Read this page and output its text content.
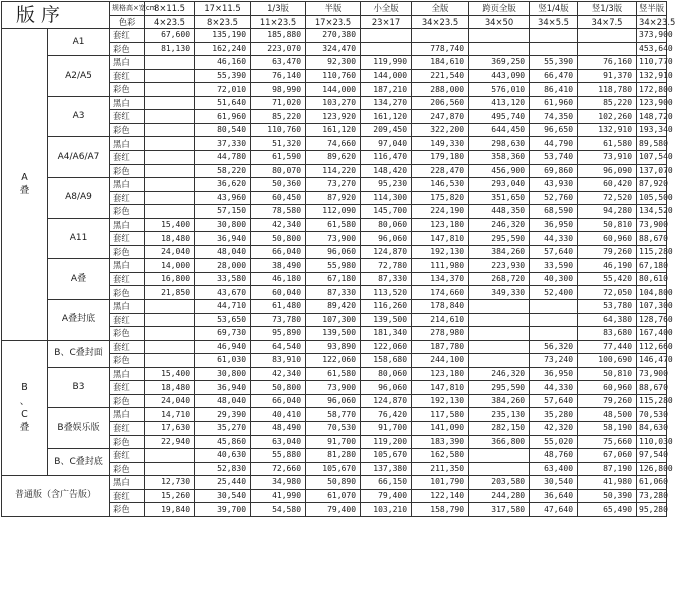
版序		规格高×宽cm	8×11.5	17×11.5	1/3版	半版	小全版	全版	跨页全版	竖1/4版	竖1/3版	竖半版
		色彩	4×23.5	8×23.5	11×23.5	17×23.5	23×17	34×23.5	34×50	34×5.5	34×7.5	34×23.5

A
叠	A1	套红	67,600	135,190	185,880	270,380						373,900
		彩色	81,130	162,240	223,070	324,470		778,740				453,640
	A2/A5	黑白		46,160	63,470	92,300	119,990	184,610	369,250	55,390	76,160	110,770
		套红		55,390	76,140	110,760	144,000	221,540	443,090	66,470	91,370	132,910
		彩色		72,010	98,990	144,000	187,210	288,000	576,010	86,410	118,780	172,800
	A3	黑白		51,640	71,020	103,270	134,270	206,560	413,120	61,960	85,220	123,900
		套红		61,960	85,220	123,920	161,120	247,870	495,740	74,350	102,260	148,720
		彩色		80,540	110,760	161,120	209,450	322,200	644,450	96,650	132,910	193,340
	A4/A6/A7	黑白		37,330	51,320	74,660	97,040	149,330	298,630	44,790	61,580	89,580
		套红		44,780	61,590	89,620	116,470	179,180	358,360	53,740	73,910	107,540
		彩色		58,220	80,070	114,220	148,420	228,470	456,900	69,860	96,090	137,070
	A8/A9	黑白		36,620	50,360	73,270	95,230	146,530	293,040	43,930	60,420	87,920
		套红		43,960	60,450	87,920	114,300	175,820	351,650	52,760	72,520	105,500
		彩色		57,150	78,580	112,090	145,700	224,190	448,350	68,590	94,280	134,520
	A11	黑白	15,400	30,800	42,340	61,580	80,060	123,180	246,320	36,950	50,810	73,900
		套红	18,480	36,940	50,800	73,900	96,060	147,810	295,590	44,330	60,960	88,670
		彩色	24,040	48,040	66,040	96,060	124,870	192,130	384,260	57,640	79,260	115,280
	A叠	黑白	14,000	28,000	38,490	55,980	72,780	111,980	223,930	33,590	46,190	67,180
		套红	16,800	33,580	46,180	67,180	87,330	134,370	268,720	40,300	55,420	80,610
		彩色	21,850	43,670	60,040	87,330	113,520	174,660	349,330	52,400	72,050	104,800
	A叠封底	黑白		44,710	61,480	89,420	116,260	178,840			53,780	107,300
		套红		53,650	73,780	107,300	139,500	214,610			64,380	128,760
		彩色		69,730	95,890	139,500	181,340	278,980			83,680	167,400

B
、
C
叠	B、C叠封面	套红		46,940	64,540	93,890	122,060	187,780		56,320	77,440	112,660
		彩色		61,030	83,910	122,060	158,680	244,100		73,240	100,690	146,470
	B3	黑白	15,400	30,800	42,340	61,580	80,060	123,180	246,320	36,950	50,810	73,900
		套红	18,480	36,940	50,800	73,900	96,060	147,810	295,590	44,330	60,960	88,670
		彩色	24,040	48,040	66,040	96,060	124,870	192,130	384,260	57,640	79,260	115,280
	B叠娱乐版	黑白	14,710	29,390	40,410	58,770	76,420	117,580	235,130	35,280	48,500	70,530
		套红	17,630	35,270	48,490	70,530	91,700	141,090	282,150	42,320	58,190	84,630
		彩色	22,940	45,860	63,040	91,700	119,200	183,390	366,800	55,020	75,660	110,030
	B、C叠封底	套红		40,630	55,880	81,280	105,670	162,580		48,760	67,060	97,540
		彩色		52,830	72,660	105,670	137,380	211,350		63,400	87,190	126,800
普通版（含广告版）		黑白	12,730	25,440	34,980	50,890	66,150	101,790	203,580	30,540	41,980	61,060
		套红	15,260	30,540	41,990	61,070	79,400	122,140	244,280	36,640	50,390	73,280
		彩色	19,840	39,700	54,580	79,400	103,210	158,790	317,580	47,640	65,490	95,280
